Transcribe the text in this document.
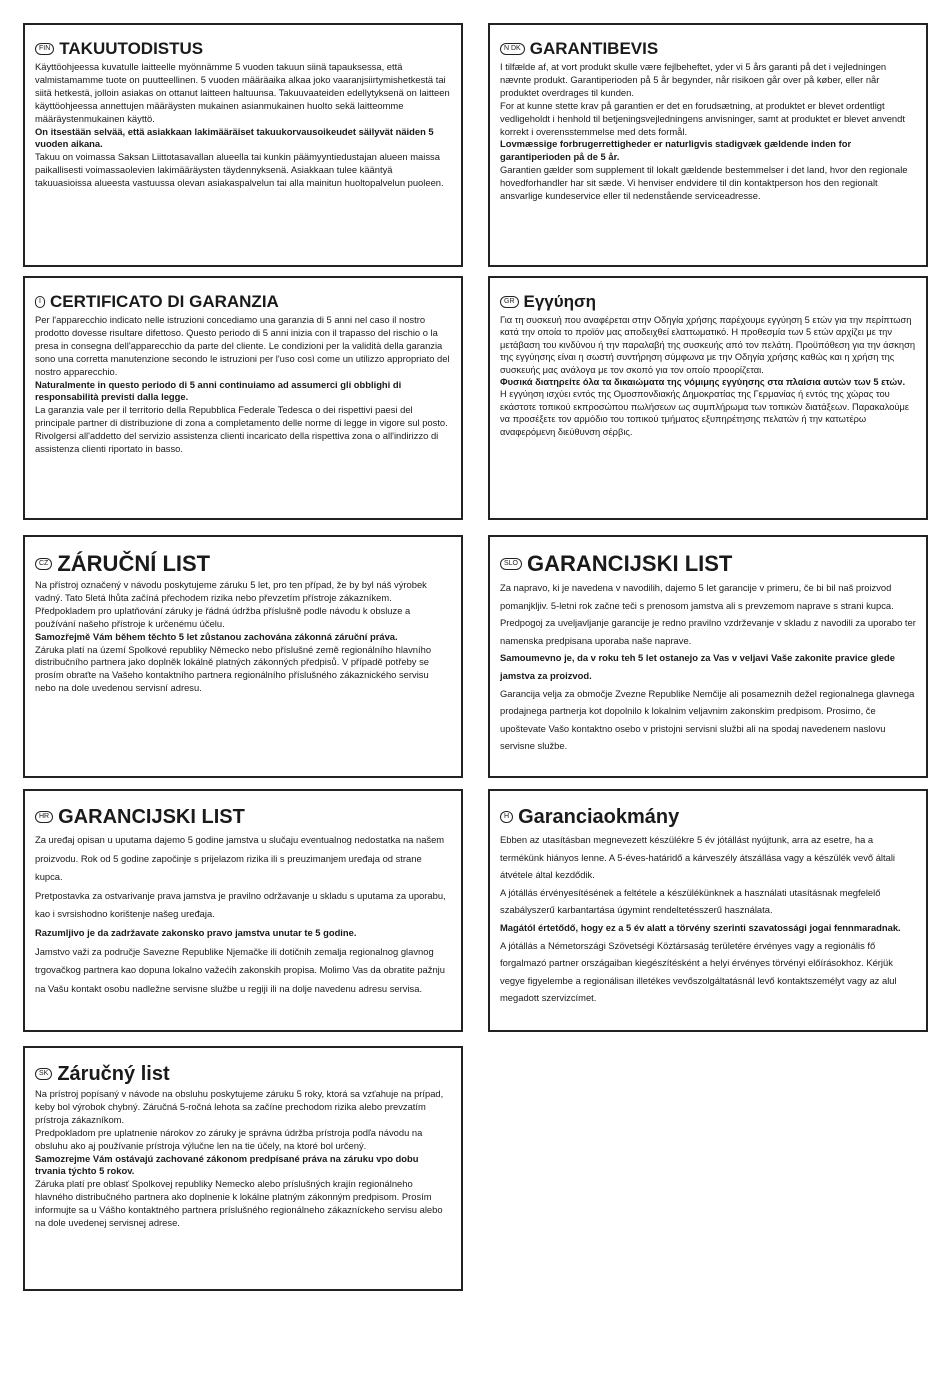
FIN TAKUUTODISTUS

Käyttöohjeessa kuvatulle laitteelle myönnämme 5 vuoden takuun siinä tapauksessa, että valmistamamme tuote on puutteellinen. 5 vuoden määräaika alkaa joko vaaranjsiirtymishetkestä tai siitä hetkestä, jolloin asiakas on ottanut laitteen haltuunsa. Takuuvaateiden edellytyksenä on laitteen käyttöohjeessa annettujen määräysten mukainen asianmukainen huolto sekä laitteomme määräystenmukainen käyttö.

On itsestään selvää, että asiakkaan lakimääräiset takuukorvausoikeudet säilyvät näiden 5 vuoden aikana.

Takuu on voimassa Saksan Liittotasavallan alueella tai kunkin päämyyntiedustajan alueen maissa paikallisesti voimassaolevien lakimääräysten täydennyksenä. Asiakkaan tulee kääntyä takuuasioissa alueesta vastuussa olevan asiakaspalvelun tai alla mainitun huoltopalvelun puoleen.

N DK GARANTIBEVIS

I tilfælde af, at vort produkt skulle være fejlbeheftet, yder vi 5 års garanti på det i vejledningen nævnte produkt. Garantiperioden på 5 år begynder, når risikoen går over på køber, eller når produktet overdrages til kunden.

For at kunne stette krav på garantien er det en forudsætning, at produktet er blevet ordentligt vedligeholdt i henhold til betjeningsvejledningens anvisninger, samt at produktet er blevet anvendt korrekt i overensstemmelse med dets formål.

Lovmæssige forbrugerrettigheder er naturligvis stadigvæk gældende inden for garantiperioden på de 5 år.

Garantien gælder som supplement til lokalt gældende bestemmelser i det land, hvor den regionale hovedforhandler har sit sæde. Vi henviser endvidere til din kontaktperson hos den regionalt ansvarlige kundeservice eller til nedenstående serviceadresse.

I CERTIFICATO DI GARANZIA

Per l'apparecchio indicato nelle istruzioni concediamo una garanzia di 5 anni nel caso il nostro prodotto dovesse risultare difettoso. Questo periodo di 5 anni inizia con il trapasso del rischio o la presa in consegna dell'apparecchio da parte del cliente. Le condizioni per la validità della garanzia sono una corretta manutenzione secondo le istruzioni per l'uso così come un utilizzo appropriato del nostro apparecchio.

Naturalmente in questo periodo di 5 anni continuiamo ad assumerci gli obblighi di responsabilità previsti dalla legge.

La garanzia vale per il territorio della Repubblica Federale Tedesca o dei rispettivi paesi del principale partner di distribuzione di zona a completamento delle norme di legge in vigore sul posto. Rivolgersi all'addetto del servizio assistenza clienti incaricato della rispettiva zona o all'indirizzo di assistenza clienti riportato in basso.

GR Εγγύηση

Για τη συσκευή που αναφέρεται στην Οδηγία χρήσης παρέχουμε εγγύηση 5 ετών για την περίπτωση κατά την οποία το προϊόν μας αποδειχθεί ελαττωματικό. Η προθεσμία των 5 ετών αρχίζει με την μετάβαση του κινδύνου ή την παραλαβή της συσκευής από τον πελάτη. Προϋπόθεση για την άσκηση της εγγύησης είναι η σωστή συντήρηση σύμφωνα με την Οδηγία χρήσης καθώς και η χρήση της συσκευής μας ανάλογα με τον σκοπό για τον οποίο προορίζεται.

Φυσικά διατηρείτε όλα τα δικαιώματα της νόμιμης εγγύησης στα πλαίσια αυτών των 5 ετών.

Η εγγύηση ισχύει εντός της Ομοσπονδιακής Δημοκρατίας της Γερμανίας ή εντός της χώρας του εκάστοτε τοπικού εκπροσώπου πωλήσεων ως συμπλήρωμα των τοπικών διατάξεων. Παρακαλούμε να προσέξετε τον αρμόδιο του τοπικού τμήματος εξυπηρέτησης πελατών ή την κατωτέρω αναφερόμενη διεύθυνση σέρβις.

CZ ZÁRUČNÍ LIST

Na přístroj označený v návodu poskytujeme záruku 5 let, pro ten případ, že by byl náš výrobek vadný. Tato 5letá lhůta začíná přechodem rizika nebo převzetím přístroje zákazníkem.

Předpokladem pro uplatňování záruky je řádná údržba příslušně podle návodu k obsluze a používání našeho přístroje k určenému účelu.

Samozřejmě Vám během těchto 5 let zůstanou zachována zákonná záruční práva.

Záruka platí na území Spolkové republiky Německo nebo příslušné země regionálního hlavního distribučního partnera jako doplněk lokálně platných zákonných předpisů. V případě potřeby se prosím obraťte na Vašeho kontaktního partnera regionálního příslušného zákaznického servisu nebo na dole uvedenou servisní adresu.

SLO GARANCIJSKI LIST

Za napravo, ki je navedena v navodilih, dajemo 5 let garancije v primeru, če bi bil naš proizvod pomanjkljiv. 5-letni rok začne teči s prenosom jamstva ali s prevzemom naprave s strani kupca. Predpogoj za uveljavljanje garancije je redno pravilno vzdrževanje v skladu z navodili za uporabo ter namenska predpisana uporaba naše naprave.

Samoumevno je, da v roku teh 5 let ostanejo za Vas v veljavi Vaše zakonite pravice glede jamstva za proizvod.

Garancija velja za območje Zvezne Republike Nemčije ali posameznih dežel regionalnega glavnega prodajnega partnerja kot dopolnilo k lokalnim veljavnim zakonskim predpisom. Prosimo, če upoštevate Vašo kontaktno osebo v pristojni servisni službi ali na spodaj navedenem naslovu servisne službe.

HR GARANCIJSKI LIST

Za uređaj opisan u uputama dajemo 5 godine jamstva u slučaju eventualnog nedostatka na našem proizvodu. Rok od 5 godine započinje s prijelazom rizika ili s preuzimanjem uređaja od strane kupca.

Pretpostavka za ostvarivanje prava jamstva je pravilno održavanje u skladu s uputama za uporabu, kao i svrsishodno korištenje našeg uređaja.

Razumljivo je da zadržavate zakonsko pravo jamstva unutar te 5 godine.

Jamstvo važi za područje Savezne Republike Njemačke ili dotičnih zemalja regionalnog glavnog trgovačkog partnera kao dopuna lokalno važećih zakonskih propisa. Molimo Vas da obratite pažnju na Vašu kontakt osobu nadležne servisne službe u regiji ili na dolje navedenu adresu servisa.

H Garanciaokmány

Ebben az utasításban megnevezett készülékre 5 év jótállást nyújtunk, arra az esetre, ha a termékünk hiányos lenne. A 5-éves-határidő a kárveszély átszállása vagy a készülék vevő általi átvétele által kezdődik.

A jótállás érvényesítésének a feltétele a készülékünknek a használati utasításnak megfelelő szabályszerű karbantartása úgymint rendeltetésszerű használata.

Magától értetődő, hogy ez a 5 év alatt a törvény szerinti szavatossági jogai fennmaradnak.

A jótállás a Németországi Szövetségi Köztársaság területére érvényes vagy a regionális fő forgalmazó partner országaiban kiegészítésként a helyi érvényes törvényi előírásokhoz. Kérjük vegye figyelembe a regionálisan illetékes vevőszolgáltatásnál levő kontaktszemélyt vagy az alul megadott szervizcímet.

SK Záručný list

Na prístroj popísaný v návode na obsluhu poskytujeme záruku 5 roky, ktorá sa vzťahuje na prípad, keby bol výrobok chybný. Záručná 5-ročná lehota sa začíne prechodom rizika alebo prevzatím prístroja zákazníkom.

Predpokladom pre uplatnenie nárokov zo záruky je správna údržba prístroja podľa návodu na obsluhu ako aj používanie prístroja výlučne len na tie účely, na ktoré bol určený.

Samozrejme Vám ostávajú zachované zákonom predpísané práva na záruku vpo dobu trvania týchto 5 rokov.

Záruka platí pre oblasť Spolkovej republiky Nemecko alebo príslušných krajín regionálneho hlavného distribučného partnera ako doplnenie k lokálne platným zákonným predpisom. Prosím informujte sa u Vášho kontaktného partnera príslušného regionálneho zákazníckeho servisu alebo na dole uvedenej servisnej adrese.
